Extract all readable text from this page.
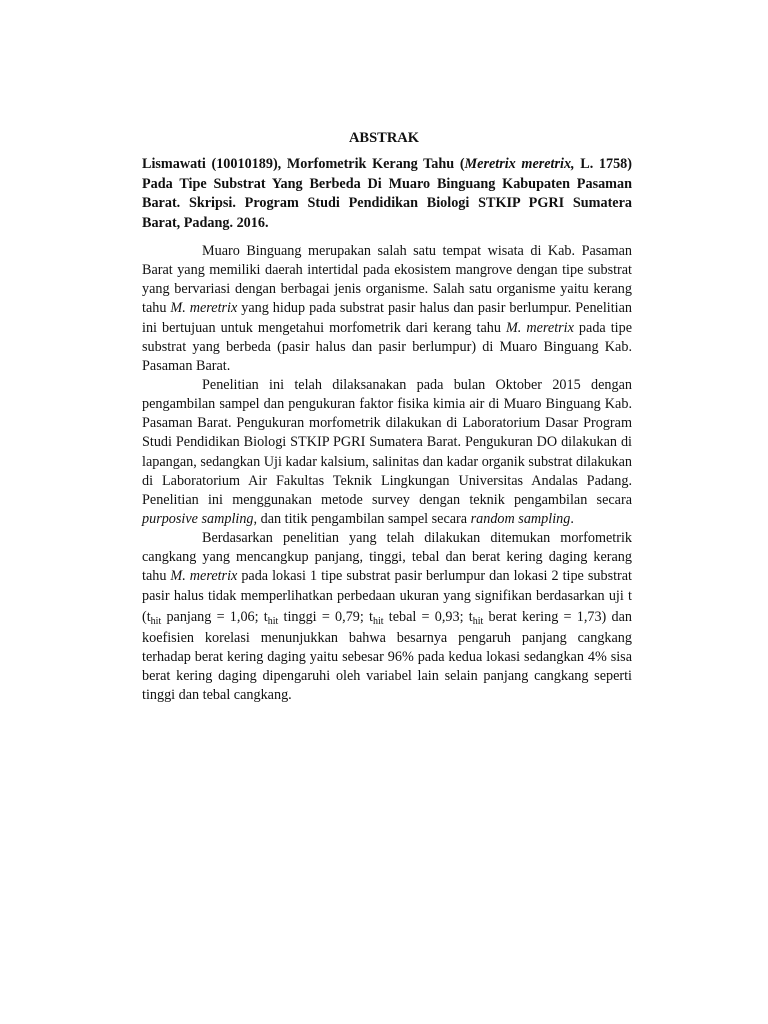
ABSTRAK
Lismawati (10010189), Morfometrik Kerang Tahu (Meretrix meretrix, L. 1758)
Pada Tipe Substrat Yang Berbeda Di Muaro Binguang Kabupaten Pasaman
Barat. Skripsi. Program Studi Pendidikan Biologi STKIP PGRI Sumatera
Barat, Padang. 2016.
Muaro Binguang merupakan salah satu tempat wisata di Kab. Pasaman
Barat yang memiliki daerah intertidal pada ekosistem mangrove dengan tipe substrat
yang bervariasi dengan berbagai jenis organisme. Salah satu organisme yaitu kerang
tahu M. meretrix yang hidup pada substrat pasir halus dan pasir berlumpur. Penelitian
ini bertujuan untuk mengetahui morfometrik dari kerang tahu M. meretrix pada tipe
substrat yang berbeda (pasir halus dan pasir berlumpur) di Muaro Binguang Kab.
Pasaman Barat.
Penelitian ini telah dilaksanakan pada bulan Oktober 2015 dengan
pengambilan sampel dan pengukuran faktor fisika kimia air di Muaro Binguang Kab.
Pasaman Barat. Pengukuran morfometrik dilakukan di Laboratorium Dasar Program
Studi Pendidikan Biologi STKIP PGRI Sumatera Barat. Pengukuran DO dilakukan di
lapangan, sedangkan Uji kadar kalsium, salinitas dan kadar organik substrat dilakukan
di Laboratorium Air Fakultas Teknik Lingkungan Universitas Andalas Padang.
Penelitian ini menggunakan metode survey dengan teknik pengambilan secara
purposive sampling, dan titik pengambilan sampel secara random sampling.
Berdasarkan penelitian yang telah dilakukan ditemukan morfometrik
cangkang yang mencangkup panjang, tinggi, tebal dan berat kering daging kerang
tahu M. meretrix pada lokasi 1 tipe substrat pasir berlumpur dan lokasi 2 tipe substrat
pasir halus tidak memperlihatkan perbedaan ukuran yang signifikan berdasarkan uji t
($t_{hit}$ panjang = 1,06; $t_{hit}$ tinggi = 0,79; $t_{hit}$ tebal = 0,93; $t_{hit}$ berat kering = 1,73) dan
koefisien korelasi menunjukkan bahwa besarnya pengaruh panjang cangkang
terhadap berat kering daging yaitu sebesar 96% pada kedua lokasi sedangkan 4% sisa
berat kering daging dipengaruhi oleh variabel lain selain panjang cangkang seperti
tinggi dan tebal cangkang.
